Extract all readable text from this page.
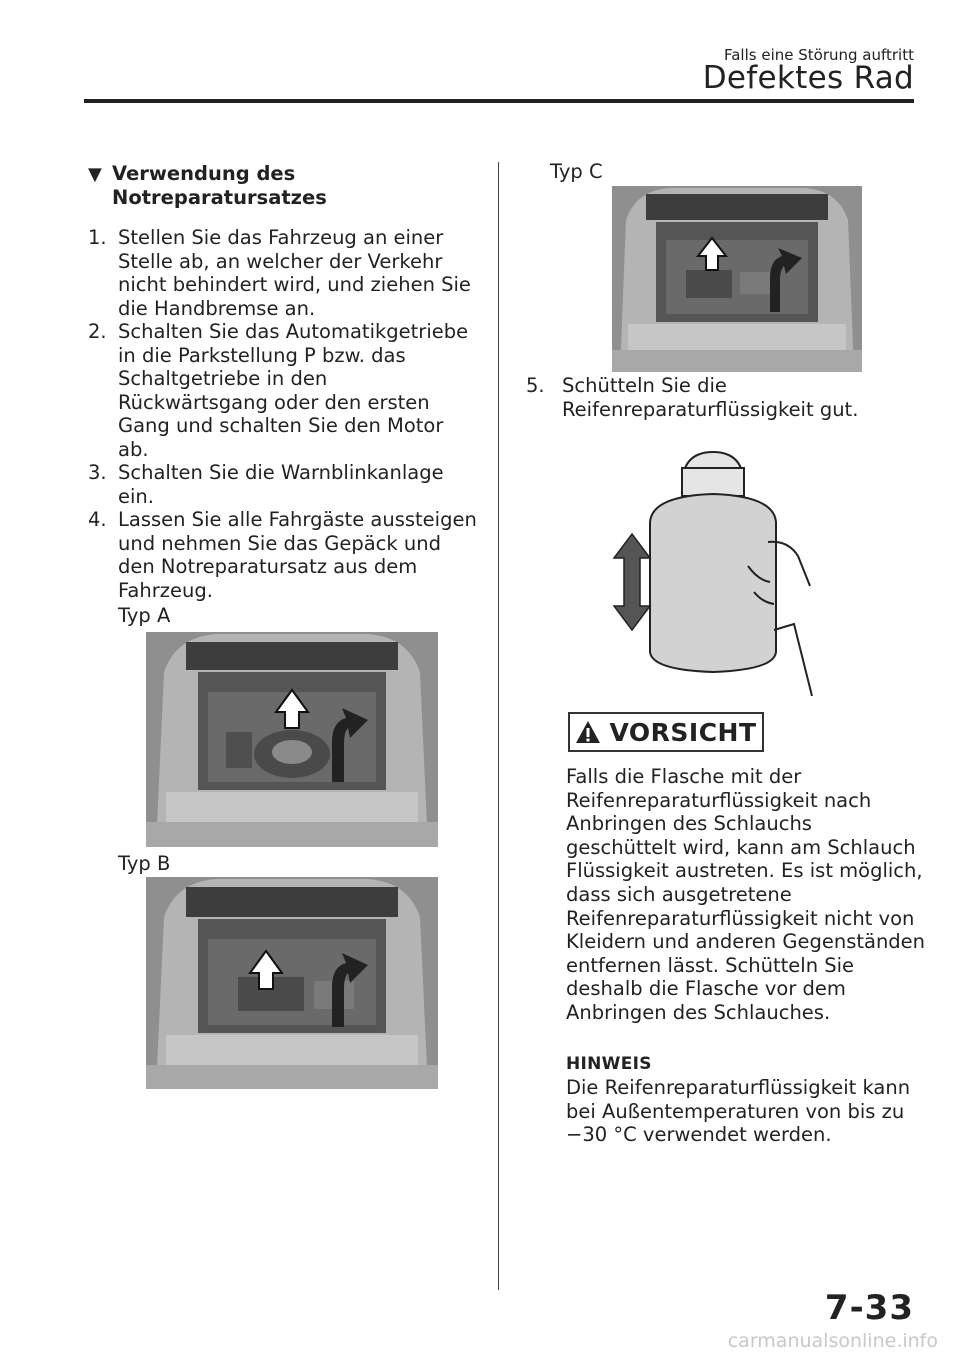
Falls eine Störung auftritt
Defektes Rad
▼ Verwendung des
Notreparatursatzes
1. Stellen Sie das Fahrzeug an einer Stelle ab, an welcher der Verkehr nicht behindert wird, und ziehen Sie die Handbremse an.
2. Schalten Sie das Automatikgetriebe in die Parkstellung P bzw. das Schaltgetriebe in den Rückwärtsgang oder den ersten Gang und schalten Sie den Motor ab.
3. Schalten Sie die Warnblinkanlage ein.
4. Lassen Sie alle Fahrgäste aussteigen und nehmen Sie das Gepäck und den Notreparatursatz aus dem Fahrzeug.
Typ A
Typ B
Typ C
5. Schütteln Sie die Reifenreparaturflüssigkeit gut.
VORSICHT
Falls die Flasche mit der Reifenreparaturflüssigkeit nach Anbringen des Schlauchs geschüttelt wird, kann am Schlauch Flüssigkeit austreten. Es ist möglich, dass sich ausgetretene Reifenreparaturflüssigkeit nicht von Kleidern und anderen Gegenständen entfernen lässt. Schütteln Sie deshalb die Flasche vor dem Anbringen des Schlauches.
HINWEIS
Die Reifenreparaturflüssigkeit kann bei Außentemperaturen von bis zu −30 °C verwendet werden.
7-33
carmanualsonline.info
